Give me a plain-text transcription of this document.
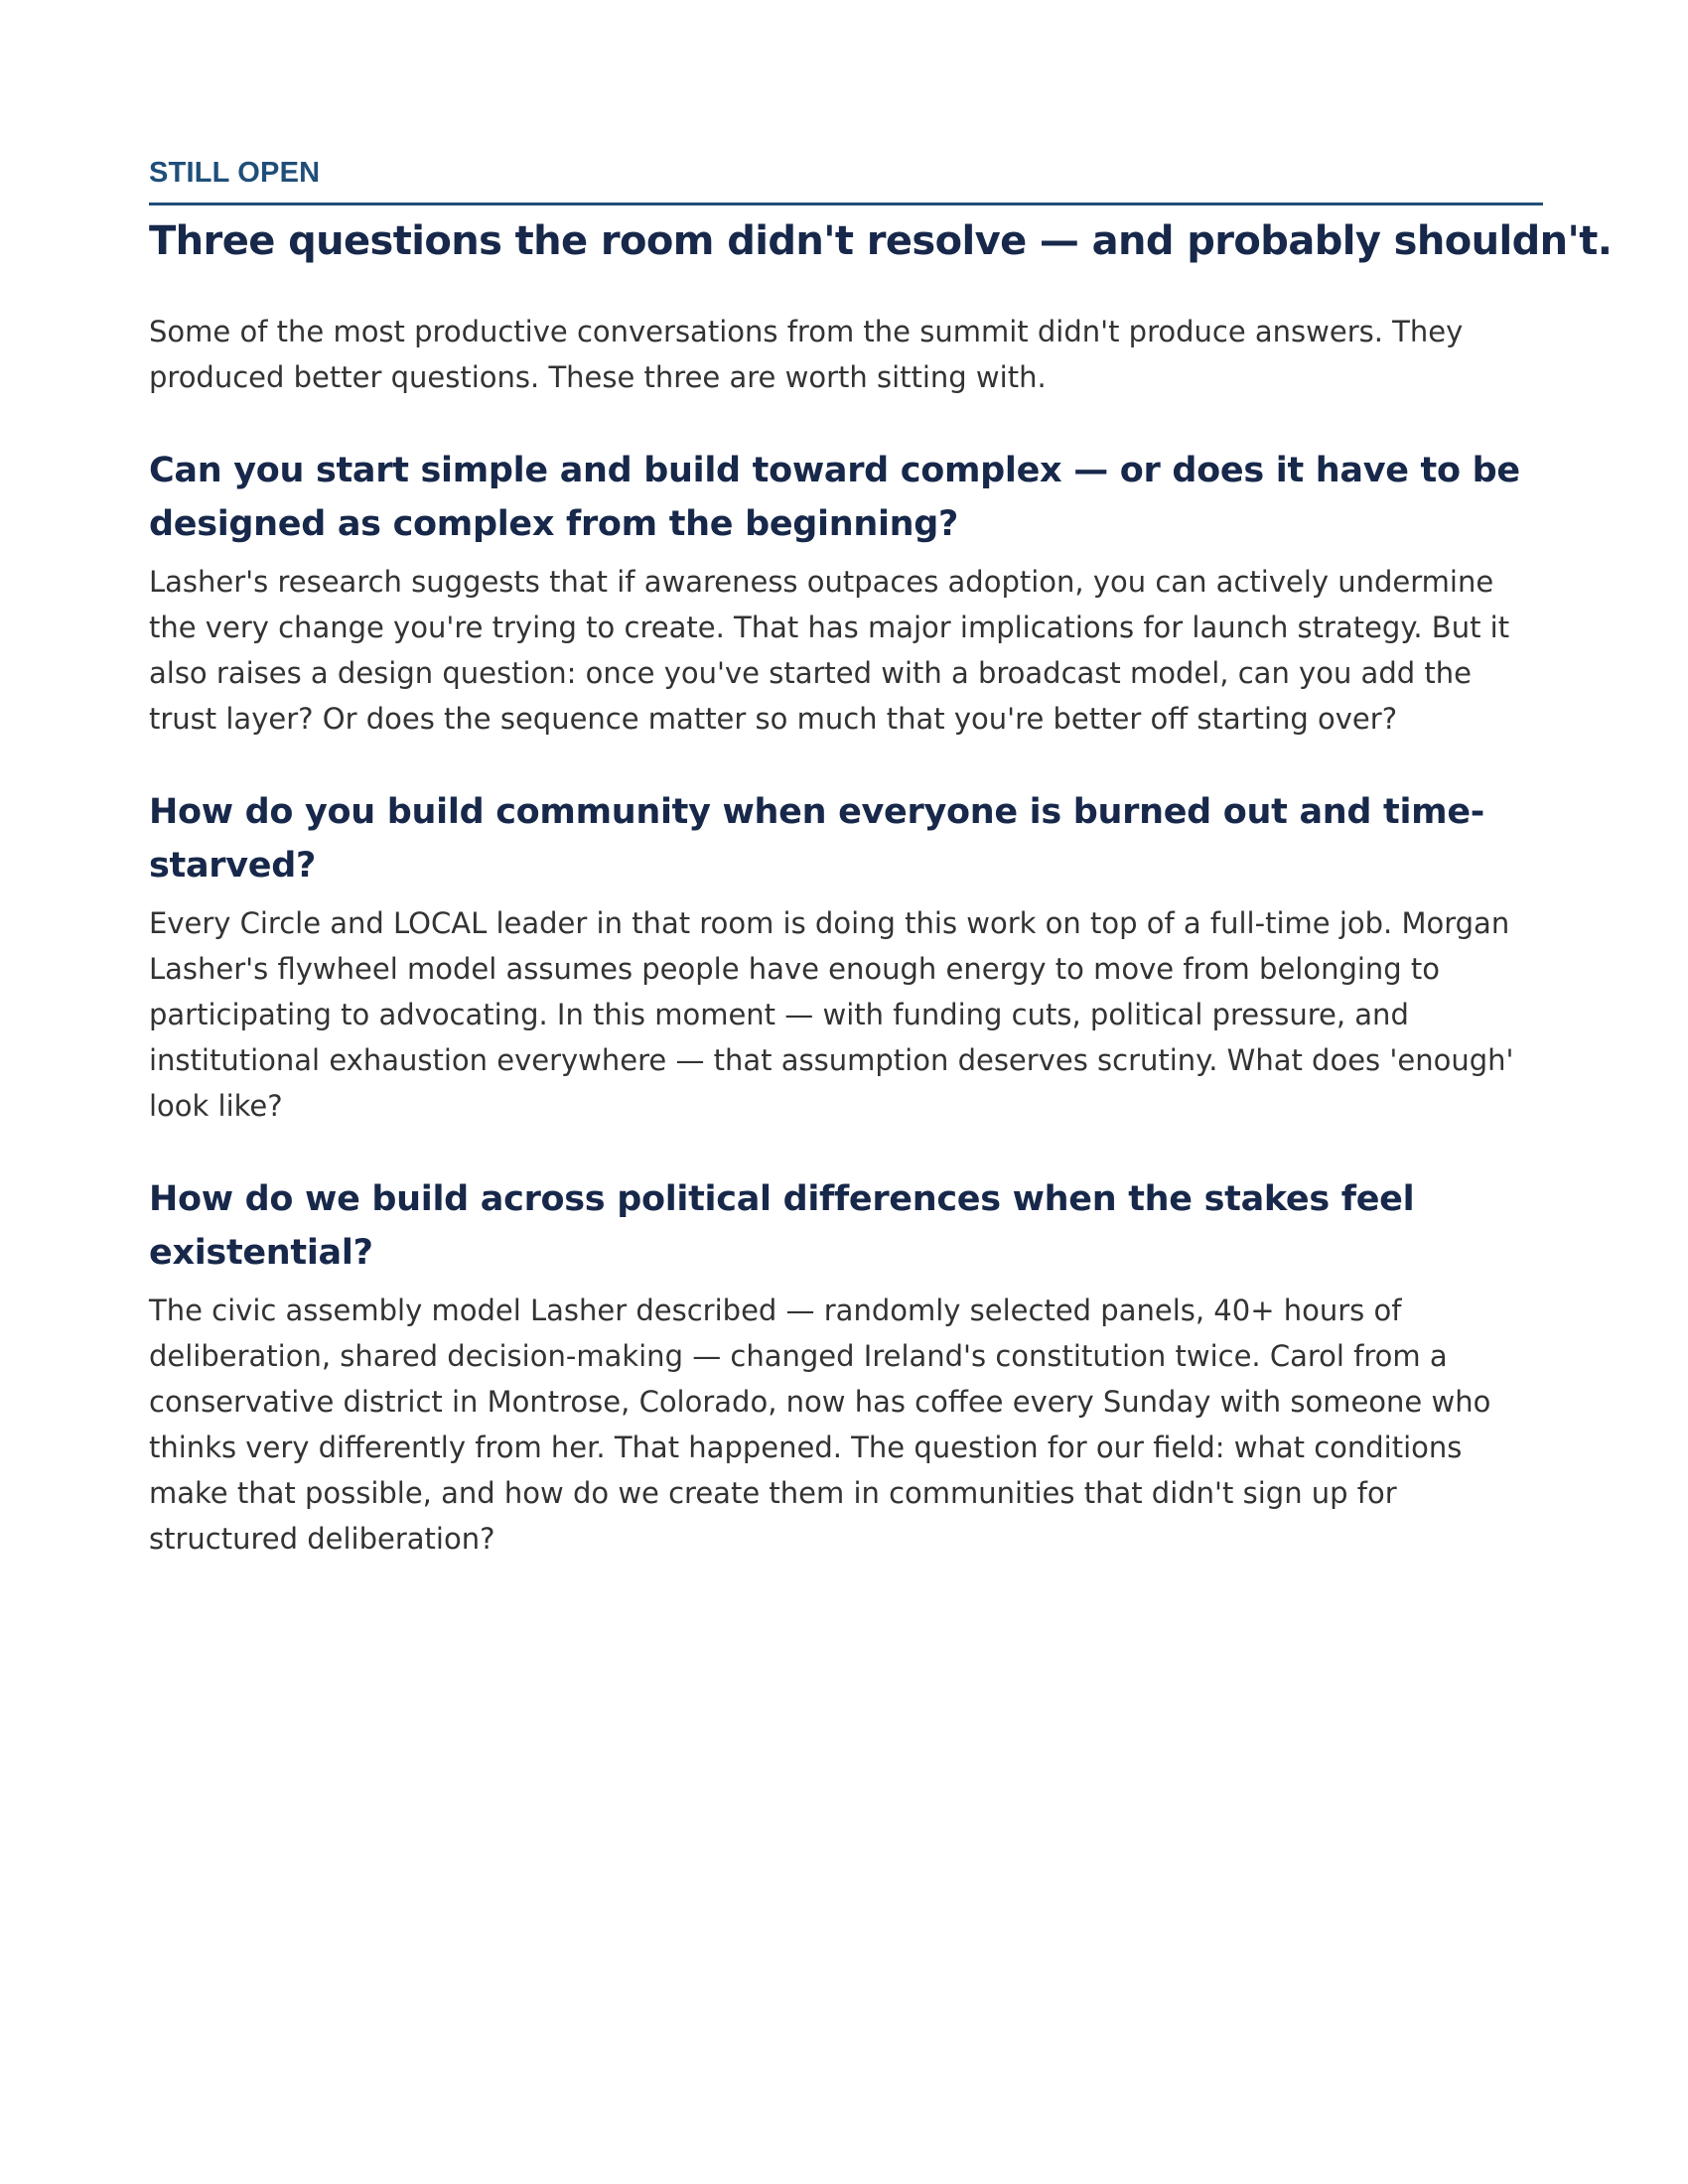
STILL OPEN

Three questions the room didn't resolve — and probably shouldn't.

Some of the most productive conversations from the summit didn't produce answers. They produced better questions. These three are worth sitting with.

Can you start simple and build toward complex — or does it have to be designed as complex from the beginning?

Lasher's research suggests that if awareness outpaces adoption, you can actively undermine the very change you're trying to create. That has major implications for launch strategy. But it also raises a design question: once you've started with a broadcast model, can you add the trust layer? Or does the sequence matter so much that you're better off starting over?

How do you build community when everyone is burned out and time-starved?

Every Circle and LOCAL leader in that room is doing this work on top of a full-time job. Morgan Lasher's flywheel model assumes people have enough energy to move from belonging to participating to advocating. In this moment — with funding cuts, political pressure, and institutional exhaustion everywhere — that assumption deserves scrutiny. What does 'enough' look like?

How do we build across political differences when the stakes feel existential?

The civic assembly model Lasher described — randomly selected panels, 40+ hours of deliberation, shared decision-making — changed Ireland's constitution twice. Carol from a conservative district in Montrose, Colorado, now has coffee every Sunday with someone who thinks very differently from her. That happened. The question for our field: what conditions make that possible, and how do we create them in communities that didn't sign up for structured deliberation?
